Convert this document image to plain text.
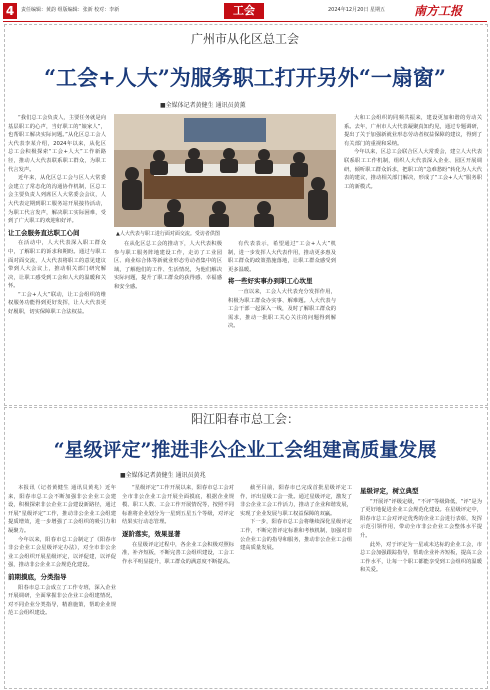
4	责任编辑：黄韵 组版编辑：张新 校对：李新	工会	2024年12月20日 星期五 南方工报
广州市从化区总工会
“工会+人大”为服务职工打开另外“一扇窗”
■全媒体记者黄健生 通讯员黄薰

“我们总工会负责人，主要任务就是向基层职工的心声，当好职工的“娘家人”，也帮职工解决实际问题。”从化区总工会人大代表李某介绍，2024年以来，从化区总工会积极探索“工会+人大”工作新路径，推动人大代表联系职工群众，为职工代言发声。

近年来，从化区总工会与区人大常委会建立了常态化的沟通协作机制，区总工会主要负责人列席区人大常委会会议，人大代表定期到职工服务站开展接待活动，为职工代言发声，解决职工实际困难，受到了广大职工的欢迎和好评。

让工会服务直达职工心间

在活动中，人大代表深入职工群众中，了解职工的诉求和期盼。通过与职工面对面交流，人大代表将职工的意见建议带到人大会议上，推动相关部门研究解决，让职工感受到工会和人大的温暖和关怀。

“工会+人大”联动，让工会组织的维权服务功能得到更好发挥，让人大代表更好履职，切实保障职工合法权益。

▲人大代表与职工进行面对面交流。受访者供图

在从化区总工会的推动下，人大代表积极参与职工服务阵地建设工作，走访了工业园区、商业综合体等新就业形态劳动者集中的区域，了解他们的工作、生活情况，为他们解决实际问题，提升了职工群众的获得感、幸福感和安全感。

有代表表示，希望通过“工会+人大”机制，进一步发挥人大代表作用，推动更多惠及职工群众的政策措施落地，让职工群众感受到更多温暖。

将一些好实事办到职工心坎里

一直以来，工会人大代表充分发挥作用，积极为职工群众办实事、解难题。人大代表与工会干部一起深入一线，及时了解职工群众的需求，推动一批职工关心关注的问题得到解决。

大和工会组织的同频共振来，建设更加和谐的劳动关系。去年，广州市人大代表凝聚真知灼见，通过专题调研，提出了关于加强新就业形态劳动者权益保障的建议，得到了有关部门的重视和采纳。

今年以来，区总工会联合区人大常委会，建立人大代表联系职工工作机制，组织人大代表深入企业、园区开展调研，倾听职工群众诉求，把职工的“急难愁盼”转化为人大代表的建议，推动相关部门解决，形成了“工会+人大”服务职工的新模式。

阳江阳春市总工会：
“星级评定”推进非公企业工会组建高质量发展
■全媒体记者黄健生 通讯员黄兆

本报讯（记者黄健生 通讯员黄兆）近年来，阳春市总工会不断加强非公企业工会建设，积极探索非公企业工会建设新路径，通过开展“星级评定”工作，推动非公企业工会组建提质增效，进一步增强了工会组织的吸引力和凝聚力。

今年以来，阳春市总工会制定了《阳春市非公企业工会星级评定办法》，对全市非公企业工会组织开展星级评定，以评促建，以评促强，推动非公企业工会规范化建设。

前期摸底，分类指导

阳春市总工会成立了工作专班，深入企业开展调研，全面掌握非公企业工会组建情况，对不同企业分类指导，精准施策，帮助企业规范工会组织建设。

“星级评定”工作开展以来，阳春市总工会对全市非公企业工会开展全面摸底，根据企业规模、职工人数、工会工作开展情况等，按照不同标准将企业划分为一星到五星五个等级，对评定结果实行动态管理。

逐阶落实，效果显著

在星级评定过程中，各企业工会积极对照标准，补齐短板，不断完善工会组织建设，工会工作水平明显提升，职工群众的满意度不断提高。

截至目前，阳春市已完成首批星级评定工作，评出星级工会一批。通过星级评定，激发了非公企业工会工作活力，推动了企业和谐发展，实现了企业发展与职工权益保障的双赢。

下一步，阳春市总工会将继续深化星级评定工作，不断完善评定标准和考核机制，加强对非公企业工会的指导和服务，推动非公企业工会组建高质量发展。

星级评定，树立典型

“开展评”评级定级，“不评”等级降低，“评”是为了更好地促进企业工会规范化建设。在星级评定中，阳春市总工会对评定优秀的企业工会进行表彰，发挥示范引领作用，带动全市非公企业工会整体水平提升。

此外，对于评定为一星或未达标的企业工会，市总工会加强跟踪指导，帮助企业补齐短板，提高工会工作水平，让每一个职工都能享受到工会组织的温暖和关爱。
